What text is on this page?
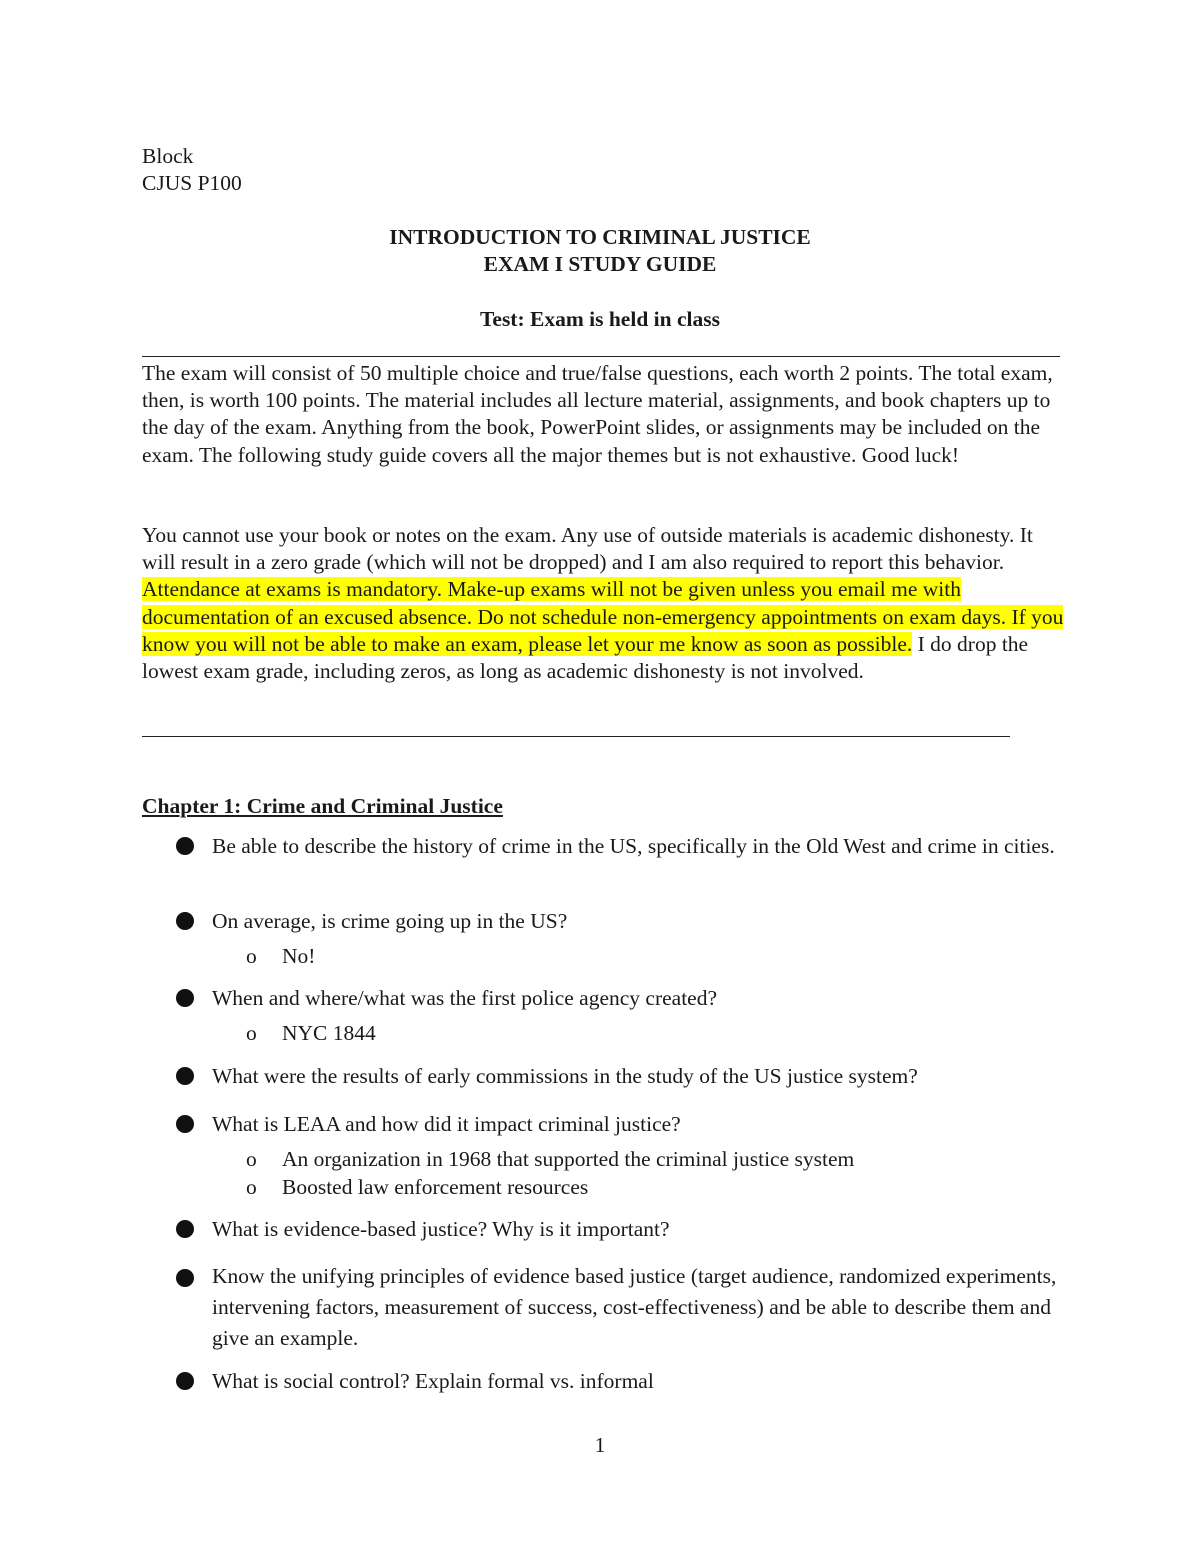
Block
CJUS P100
INTRODUCTION TO CRIMINAL JUSTICE
EXAM I STUDY GUIDE
Test: Exam is held in class
The exam will consist of 50 multiple choice and true/false questions, each worth 2 points. The total exam, then, is worth 100 points. The material includes all lecture material, assignments, and book chapters up to the day of the exam. Anything from the book, PowerPoint slides, or assignments may be included on the exam. The following study guide covers all the major themes but is not exhaustive. Good luck!
You cannot use your book or notes on the exam. Any use of outside materials is academic dishonesty. It will result in a zero grade (which will not be dropped) and I am also required to report this behavior. Attendance at exams is mandatory. Make-up exams will not be given unless you email me with documentation of an excused absence. Do not schedule non-emergency appointments on exam days. If you know you will not be able to make an exam, please let your me know as soon as possible. I do drop the lowest exam grade, including zeros, as long as academic dishonesty is not involved.
Chapter 1: Crime and Criminal Justice
Be able to describe the history of crime in the US, specifically in the Old West and crime in cities.
On average, is crime going up in the US?
o No!
When and where/what was the first police agency created?
o NYC 1844
What were the results of early commissions in the study of the US justice system?
What is LEAA and how did it impact criminal justice?
o An organization in 1968 that supported the criminal justice system
o Boosted law enforcement resources
What is evidence-based justice? Why is it important?
Know the unifying principles of evidence based justice (target audience, randomized experiments, intervening factors, measurement of success, cost-effectiveness) and be able to describe them and give an example.
What is social control? Explain formal vs. informal
1
